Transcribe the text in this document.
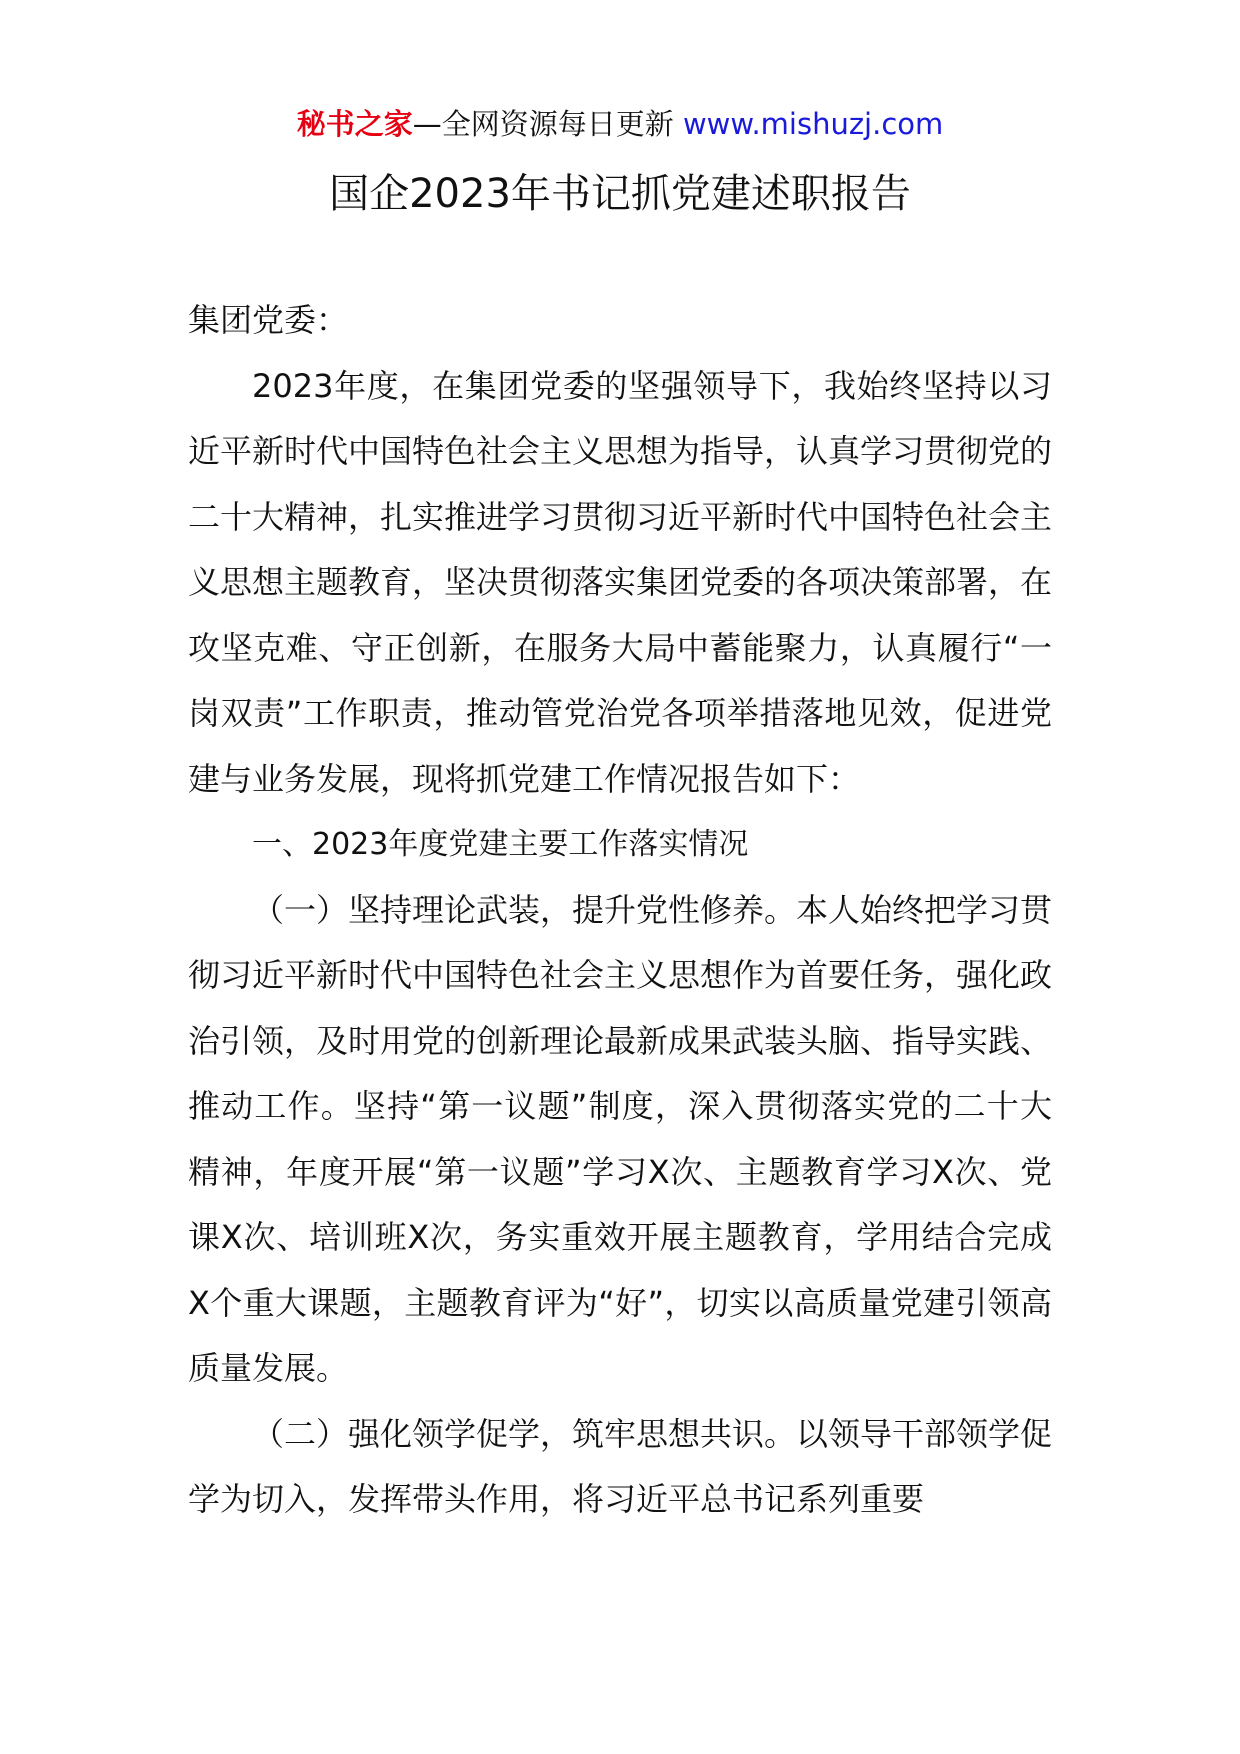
秘书之家—全网资源每日更新 www.mishuzj.com
国企2023年书记抓党建述职报告

集团党委：

2023年度，在集团党委的坚强领导下，我始终坚持以习近平新时代中国特色社会主义思想为指导，认真学习贯彻党的二十大精神，扎实推进学习贯彻习近平新时代中国特色社会主义思想主题教育，坚决贯彻落实集团党委的各项决策部署，在攻坚克难、守正创新，在服务大局中蓄能聚力，认真履行“一岗双责”工作职责，推动管党治党各项举措落地见效，促进党建与业务发展，现将抓党建工作情况报告如下：

一、2023年度党建主要工作落实情况

（一）坚持理论武装，提升党性修养。本人始终把学习贯彻习近平新时代中国特色社会主义思想作为首要任务，强化政治引领，及时用党的创新理论最新成果武装头脑、指导实践、推动工作。坚持“第一议题”制度，深入贯彻落实党的二十大精神，年度开展“第一议题”学习X次、主题教育学习X次、党课X次、培训班X次，务实重效开展主题教育，学用结合完成X个重大课题，主题教育评为“好”，切实以高质量党建引领高质量发展。

（二）强化领学促学，筑牢思想共识。以领导干部领学促学为切入，发挥带头作用，将习近平总书记系列重要
